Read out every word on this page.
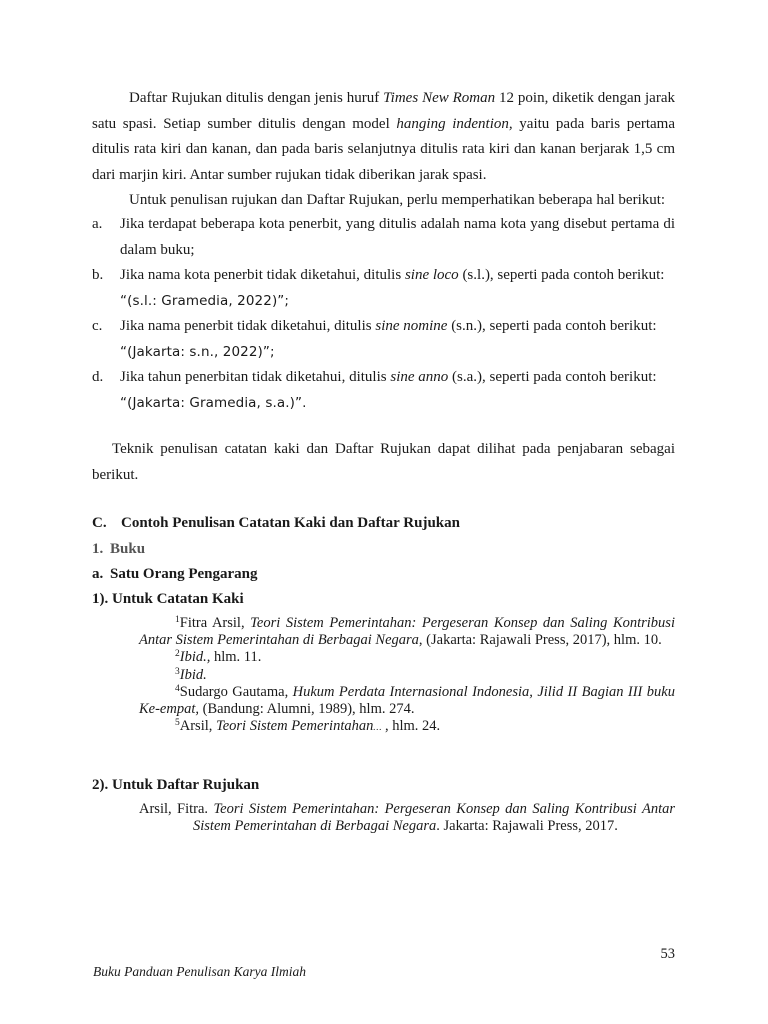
Daftar Rujukan ditulis dengan jenis huruf Times New Roman 12 poin, diketik dengan jarak satu spasi. Setiap sumber ditulis dengan model hanging indention, yaitu pada baris pertama ditulis rata kiri dan kanan, dan pada baris selanjutnya ditulis rata kiri dan kanan berjarak 1,5 cm dari marjin kiri. Antar sumber rujukan tidak diberikan jarak spasi.

Untuk penulisan rujukan dan Daftar Rujukan, perlu memperhatikan beberapa hal berikut:

a. Jika terdapat beberapa kota penerbit, yang ditulis adalah nama kota yang disebut pertama di dalam buku;
b. Jika nama kota penerbit tidak diketahui, ditulis sine loco (s.l.), seperti pada contoh berikut:
“(s.l.: Gramedia, 2022)”;
c. Jika nama penerbit tidak diketahui, ditulis sine nomine (s.n.), seperti pada contoh berikut:
“(Jakarta: s.n., 2022)”;
d. Jika tahun penerbitan tidak diketahui, ditulis sine anno (s.a.), seperti pada contoh berikut:
“(Jakarta: Gramedia, s.a.)”.

Teknik penulisan catatan kaki dan Daftar Rujukan dapat dilihat pada penjabaran sebagai berikut.

C. Contoh Penulisan Catatan Kaki dan Daftar Rujukan

1. Buku

a. Satu Orang Pengarang

1). Untuk Catatan Kaki

$^1$Fitra Arsil, Teori Sistem Pemerintahan: Pergeseran Konsep dan Saling Kontribusi Antar Sistem Pemerintahan di Berbagai Negara, (Jakarta: Rajawali Press, 2017), hlm. 10.

$^2$Ibid., hlm. 11.

$^3$Ibid.

$^4$Sudargo Gautama, Hukum Perdata Internasional Indonesia, Jilid II Bagian III buku Ke-empat, (Bandung: Alumni, 1989), hlm. 274.

$^5$Arsil, Teori Sistem Pemerintahan… , hlm. 24.

2). Untuk Daftar Rujukan

Arsil, Fitra. Teori Sistem Pemerintahan: Pergeseran Konsep dan Saling Kontribusi Antar Sistem Pemerintahan di Berbagai Negara. Jakarta: Rajawali Press, 2017.

53
Buku Panduan Penulisan Karya Ilmiah
